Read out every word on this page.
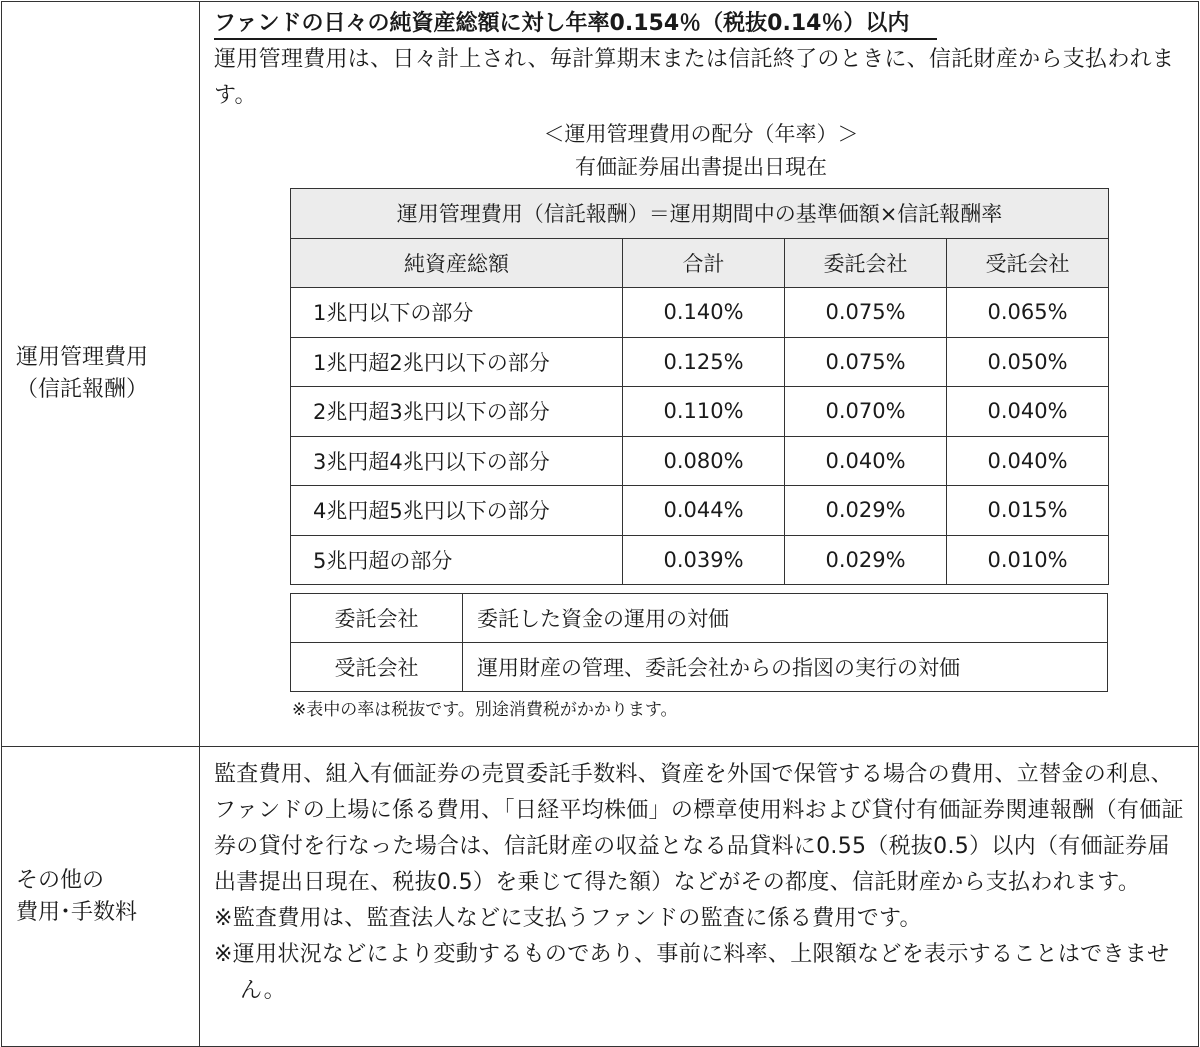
運用管理費用
（信託報酬）
	ファンドの日々の純資産総額に対し年率0.154％（税抜0.14％）以内
運用管理費用は、日々計上され、毎計算期末または信託終了のときに、信託財産から支払われます。
＜運用管理費用の配分（年率）＞
有価証券届出書提出日現在
運用管理費用（信託報酬）＝運用期間中の基準価額×信託報酬率
純資産総額	合計	委託会社	受託会社
1兆円以下の部分	0.140%	0.075%	0.065%
1兆円超2兆円以下の部分	0.125%	0.075%	0.050%
2兆円超3兆円以下の部分	0.110%	0.070%	0.040%
3兆円超4兆円以下の部分	0.080%	0.040%	0.040%
4兆円超5兆円以下の部分	0.044%	0.029%	0.015%
5兆円超の部分	0.039%	0.029%	0.010%
委託会社	委託した資金の運用の対価
受託会社	運用財産の管理、委託会社からの指図の実行の対価
※表中の率は税抜です。別途消費税がかかります。

その他の
費用･手数料

監査費用、組入有価証券の売買委託手数料、資産を外国で保管する場合の費用、立替金の利息、ファンドの上場に係る費用、「日経平均株価」の標章使用料および貸付有価証券関連報酬（有価証券の貸付を行なった場合は、信託財産の収益となる品貸料に0.55（税抜0.5）以内（有価証券届出書提出日現在、税抜0.5）を乗じて得た額）などがその都度、信託財産から支払われます。
※監査費用は、監査法人などに支払うファンドの監査に係る費用です。
※運用状況などにより変動するものであり、事前に料率、上限額などを表示することはできません。
